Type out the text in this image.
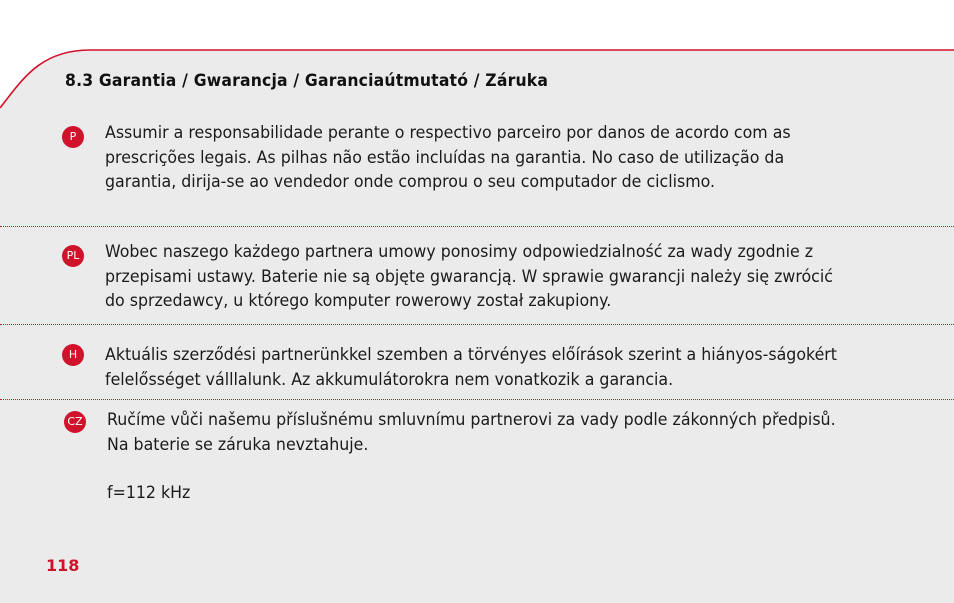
8.3 Garantia / Gwarancja / Garanciaútmutató / Záruka
P	Assumir a responsabilidade perante o respectivo parceiro por danos de acordo com as prescrições legais. As pilhas não estão incluídas na garantia. No caso de utilização da garantia, dirija-se ao vendedor onde comprou o seu computador de ciclismo.

PL Wobec naszego każdego partnera umowy ponosimy odpowiedzialność za wady zgodnie z przepisami ustawy. Baterie nie są objęte gwarancją. W sprawie gwarancji należy się zwrócić do sprzedawcy, u którego komputer rowerowy został zakupiony.

H	Aktuális szerződési partnerünkkel szemben a törvényes előírások szerint a hiányos-ságokért felelősséget válllalunk. Az akkumulátorokra nem vonatkozik a garancia.

CZ Ručíme vůči našemu příslušnému smluvnímu partnerovi za vady podle zákonných předpisů. Na baterie se záruka nevztahuje.

f=112 kHz

118
